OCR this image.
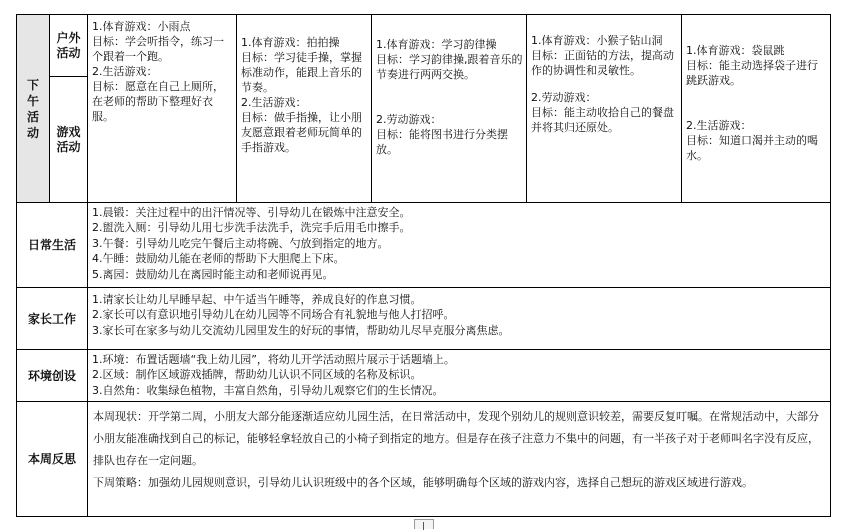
下午活动	户外活动	1.体育游戏：小雨点
目标：学会听指令，练习一个跟着一个跑。
2.生活游戏：
目标：愿意在自己上厕所，在老师的帮助下整理好衣服。	1.体育游戏：拍拍操
目标：学习徒手操，掌握标准动作，能跟上音乐的节奏。
2.生活游戏：
目标：做手指操，让小朋友愿意跟着老师玩简单的手指游戏。	1.体育游戏：学习韵律操
目标：学习韵律操,跟着音乐的节奏进行两两交换。
2.劳动游戏：
目标：能将图书进行分类摆放。	1.体育游戏：小猴子钻山洞
目标：正面钻的方法，提高动作的协调性和灵敏性。
2.劳动游戏：
目标：能主动收拾自己的餐盘并将其归还原处。	1.体育游戏：袋鼠跳
目标：能主动选择袋子进行跳跃游戏。
2.生活游戏：
目标：知道口渴并主动的喝水。

	游戏活动					

日常生活		1.晨锻：关注过程中的出汗情况等、引导幼儿在锻炼中注意安全。
2.盥洗入厕：引导幼儿用七步洗手法洗手，洗完手后用毛巾擦手。
3.午餐：引导幼儿吃完午餐后主动将碗、勺放到指定的地方。
4.午睡：鼓励幼儿能在老师的帮助下大胆爬上下床。
5.离园：鼓励幼儿在离园时能主动和老师说再见。				

家长工作		1.请家长让幼儿早睡早起、中午适当午睡等，养成良好的作息习惯。
2.家长可以有意识地引导幼儿在幼儿园等不同场合有礼貌地与他人打招呼。
3.家长可在家多与幼儿交流幼儿园里发生的好玩的事情，帮助幼儿尽早克服分离焦虑。				

环境创设		1.环境：布置话题墙“我上幼儿园”，将幼儿开学活动照片展示于话题墙上。
2.区域：制作区域游戏插牌，帮助幼儿认识不同区域的名称及标识。
3.自然角：收集绿色植物，丰富自然角，引导幼儿观察它们的生长情况。				

本周反思		本周现状：开学第二周，小朋友大部分能逐渐适应幼儿园生活，在日常活动中，发现个别幼儿的规则意识较差，需要反复叮嘱。在常规活动中，大部分小朋友能准确找到自己的标记，能够轻拿轻放自己的小椅子到指定的地方。但是存在孩子注意力不集中的问题，有一半孩子对于老师叫名字没有反应，排队也存在一定问题。
下周策略：加强幼儿园规则意识，引导幼儿认识班级中的各个区域，能够明确每个区域的游戏内容，选择自己想玩的游戏区域进行游戏。				
